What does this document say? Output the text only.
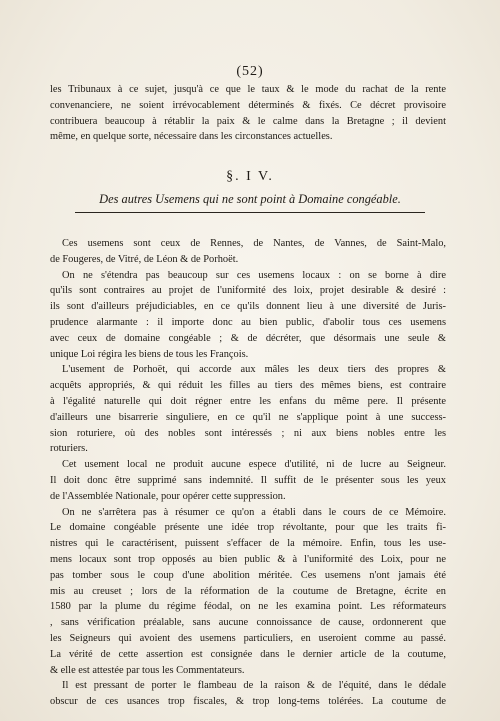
(52)
les Tribunaux à ce sujet, jusqu'à ce que le taux & le mode du rachat de la rente
convenanciere, ne soient irrévocablement déterminés & fixés. Ce décret provisoire
contribuera beaucoup à rétablir la paix & le calme dans la Bretagne ; il devient
même, en quelque sorte, nécessaire dans les circonstances actuelles.
§. I V.
Des autres Usemens qui ne sont point à Domaine congéable.
Ces usemens sont ceux de Rennes, de Nantes, de Vannes, de Saint-Malo,
de Fougeres, de Vitré, de Léon & de Porhoët.
On ne s'étendra pas beaucoup sur ces usemens locaux : on se borne à dire
qu'ils sont contraires au projet de l'uniformité des loix, projet desirable & desiré :
ils sont d'ailleurs préjudiciables, en ce qu'ils donnent lieu à une diversité de Juris-
prudence alarmante : il importe donc au bien public, d'abolir tous ces usemens
avec ceux de domaine congéable ; & de décréter, que désormais une seule &
unique Loi régira les biens de tous les François.
L'usement de Porhoët, qui accorde aux mâles les deux tiers des propres &
acquêts appropriés, & qui réduit les filles au tiers des mêmes biens, est contraire
à l'égalité naturelle qui doit régner entre les enfans du même pere. Il présente
d'ailleurs une bisarrerie singuliere, en ce qu'il ne s'applique point à une success-
sion roturiere, où des nobles sont intéressés ; ni aux biens nobles entre les
roturiers.
Cet usement local ne produit aucune espece d'utilité, ni de lucre au Seigneur.
Il doit donc être supprimé sans indemnité. Il suffit de le présenter sous les yeux
de l'Assemblée Nationale, pour opérer cette suppression.
On ne s'arrêtera pas à résumer ce qu'on a établi dans le cours de ce Mémoire.
Le domaine congéable présente une idée trop révoltante, pour que les traits fi-
nistres qui le caractérisent, puissent s'effacer de la mémoire. Enfin, tous les use-
mens locaux sont trop opposés au bien public & à l'uniformité des Loix, pour ne
pas tomber sous le coup d'une abolition méritée. Ces usemens n'ont jamais été
mis au creuset ; lors de la réformation de la coutume de Bretagne, écrite en
1580 par la plume du régime féodal, on ne les examina point. Les réformateurs
, sans vérification préalable, sans aucune connoissance de cause, ordonnerent que
les Seigneurs qui avoient des usemens particuliers, en useroient comme au passé.
La vérité de cette assertion est consignée dans le dernier article de la coutume,
& elle est attestée par tous les Commentateurs.
Il est pressant de porter le flambeau de la raison & de l'équité, dans le dédale
obscur de ces usances trop fiscales, & trop long-tems tolérées. La coutume de
